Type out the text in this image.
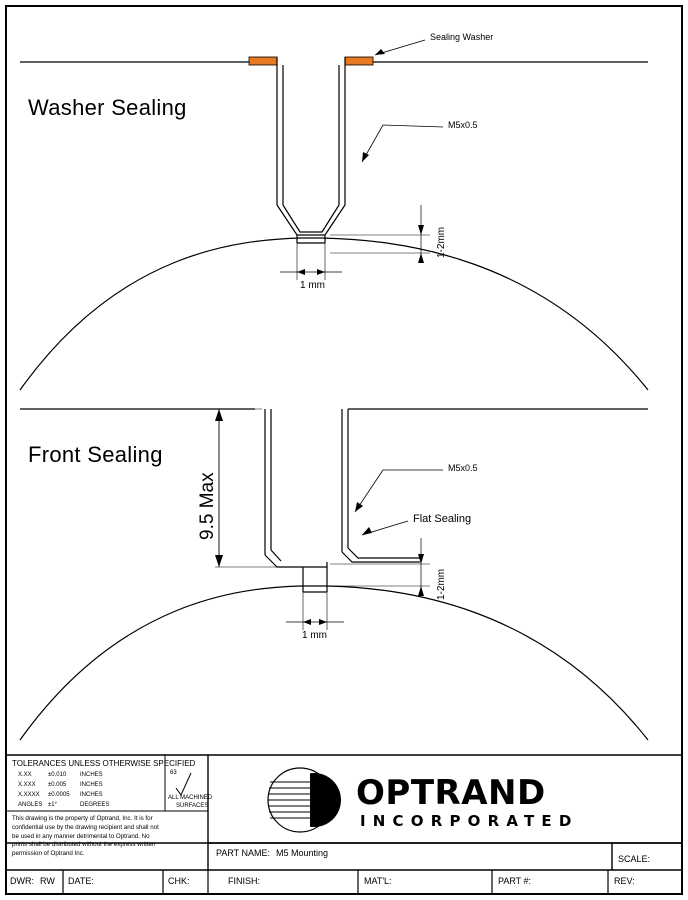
Washer Sealing
Front Sealing
Sealing Washer
M5x0.5
M5x0.5
Flat Sealing
1 mm
1 mm
1-2mm
1-2mm
9.5 Max
TOLERANCES UNLESS OTHERWISE SPECIFIED
X.XX	±0.010 INCHES
X.XXX ±0.005 INCHES
X.XXXX ±0.0005 INCHES
ANGLES ±1°	DEGREES
63
ALL MACHINED
SURFACES
This drawing is the property of Optrand, Inc. It is for confidential use by the drawing recipient and shall not be used in any manner detrimental to Optrand. No prints shall be distributed without the express written permission of Optrand Inc.
OPTRAND
INCORPORATED
PART NAME: M5 Mounting
SCALE:
DWR: RW DATE:	CHK:	FINISH:	MAT'L:	PART #:	REV:
